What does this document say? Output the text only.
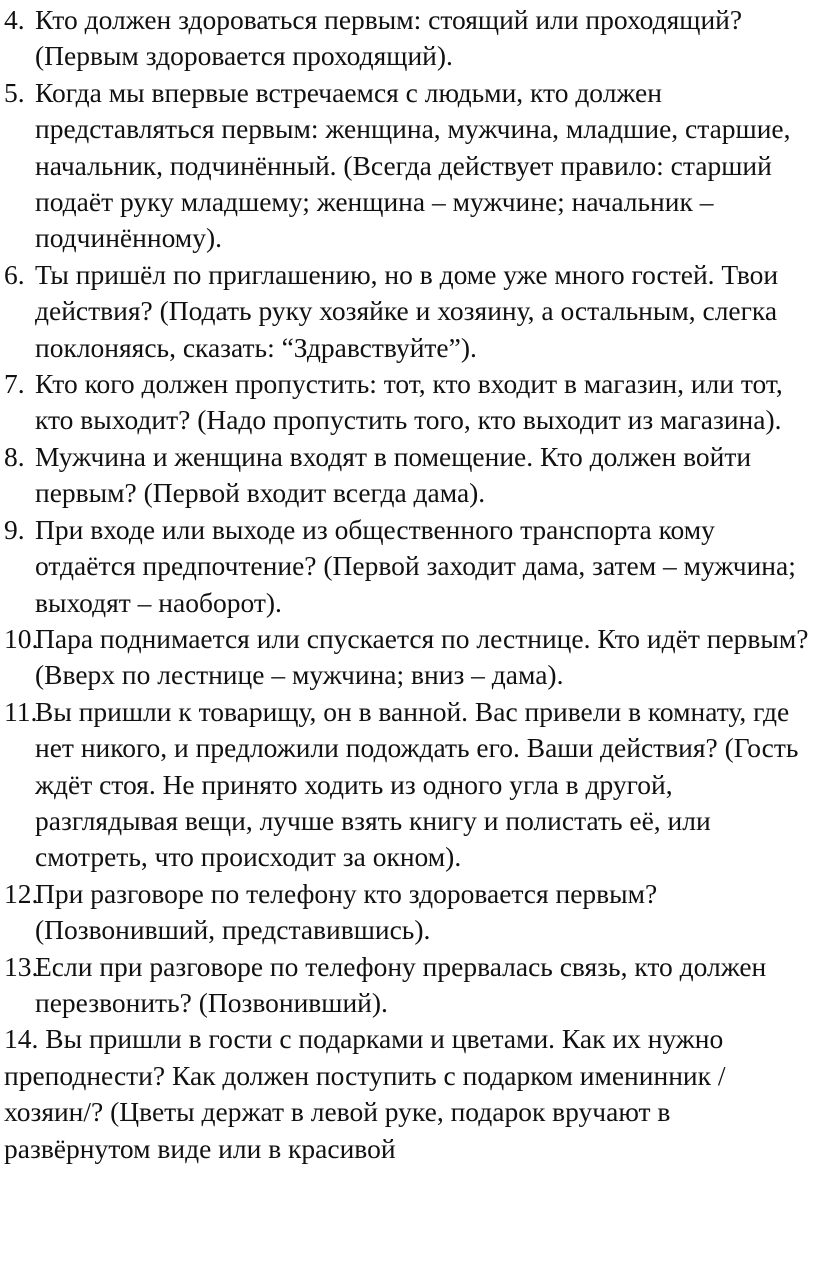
4. Кто должен здороваться первым: стоящий или проходящий? (Первым здоровается проходящий).
5. Когда мы впервые встречаемся с людьми, кто должен представляться первым: женщина, мужчина, младшие, старшие, начальник, подчинённый. (Всегда действует правило: старший подаёт руку младшему; женщина – мужчине; начальник – подчинённому).
6. Ты пришёл по приглашению, но в доме уже много гостей. Твои действия? (Подать руку хозяйке и хозяину, а остальным, слегка поклоняясь, сказать: “Здравствуйте”).
7. Кто кого должен пропустить: тот, кто входит в магазин, или тот, кто выходит? (Надо пропустить того, кто выходит из магазина).
8. Мужчина и женщина входят в помещение. Кто должен войти первым? (Первой входит всегда дама).
9. При входе или выходе из общественного транспорта кому отдаётся предпочтение? (Первой заходит дама, затем – мужчина; выходят – наоборот).
10.
Пара поднимается или спускается по лестнице. Кто идёт первым? (Вверх по лестнице – мужчина; вниз – дама).
11.
Вы пришли к товарищу, он в ванной. Вас привели в комнату, где нет никого, и предложили подождать его. Ваши действия? (Гость ждёт стоя. Не принято ходить из одного угла в другой, разглядывая вещи, лучше взять книгу и полистать её, или смотреть, что происходит за окном).
12.
При разговоре по телефону кто здоровается первым? (Позвонивший, представившись).
13.
Если при разговоре по телефону прервалась связь, кто должен перезвонить? (Позвонивший).
14. Вы пришли в гости с подарками и цветами. Как их нужно преподнести? Как должен поступить с подарком именинник /хозяин/? (Цветы держат в левой руке, подарок вручают в развёрнутом виде или в красивой
